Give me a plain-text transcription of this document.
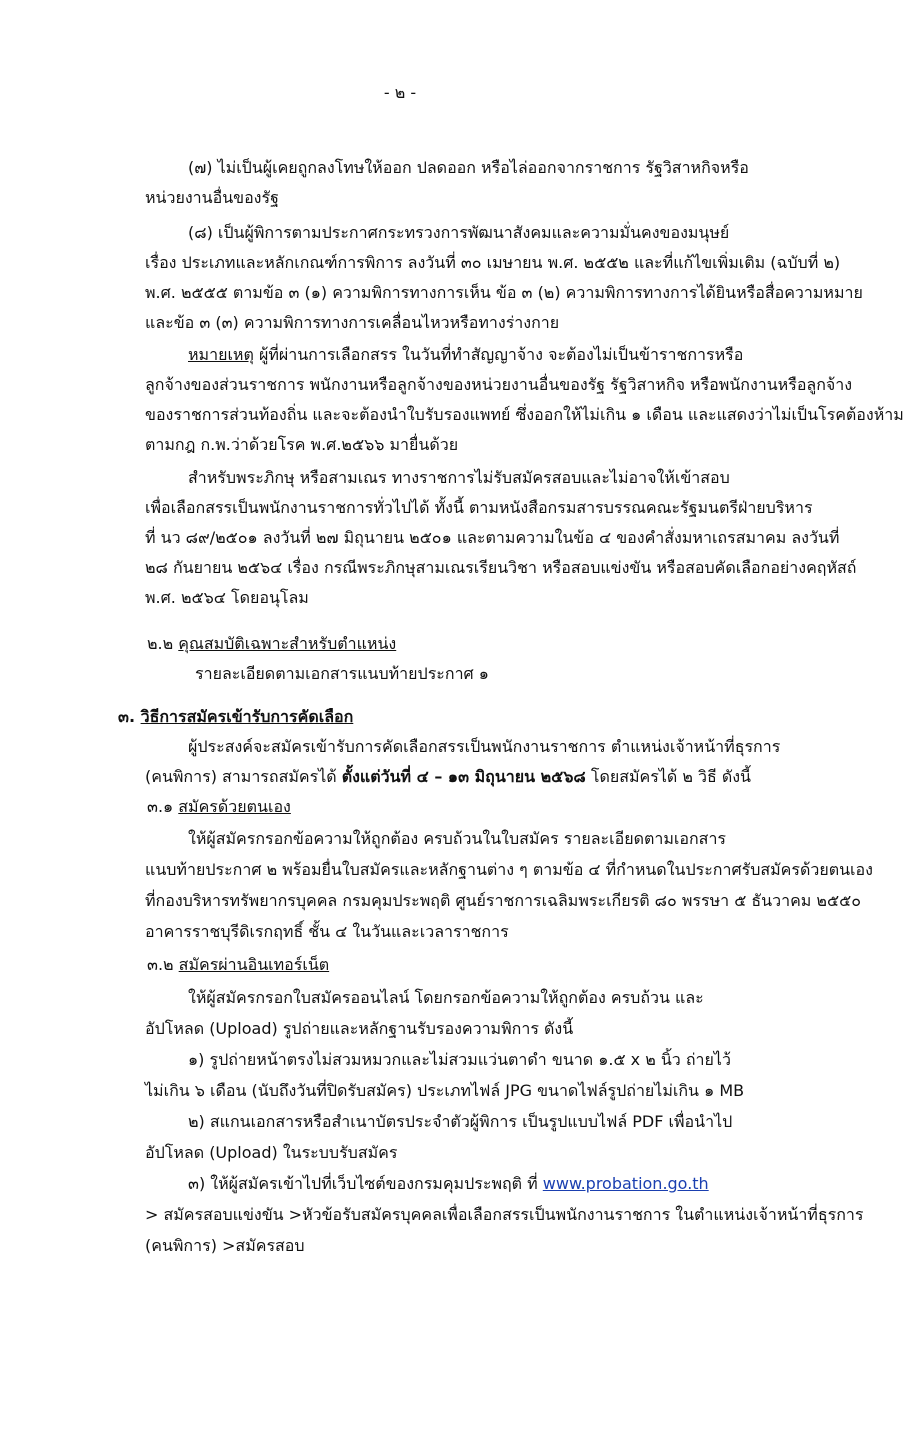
- ๒ -
(๗) ไม่เป็นผู้เคยถูกลงโทษให้ออก ปลดออก หรือไล่ออกจากราชการ รัฐวิสาหกิจหรือ
หน่วยงานอื่นของรัฐ
(๘) เป็นผู้พิการตามประกาศกระทรวงการพัฒนาสังคมและความมั่นคงของมนุษย์
เรื่อง ประเภทและหลักเกณฑ์การพิการ ลงวันที่ ๓๐ เมษายน พ.ศ. ๒๕๕๒ และที่แก้ไขเพิ่มเติม (ฉบับที่ ๒)
พ.ศ. ๒๕๕๕ ตามข้อ ๓ (๑) ความพิการทางการเห็น ข้อ ๓ (๒) ความพิการทางการได้ยินหรือสื่อความหมาย
และข้อ ๓ (๓) ความพิการทางการเคลื่อนไหวหรือทางร่างกาย
หมายเหตุ ผู้ที่ผ่านการเลือกสรร ในวันที่ทำสัญญาจ้าง จะต้องไม่เป็นข้าราชการหรือ
ลูกจ้างของส่วนราชการ พนักงานหรือลูกจ้างของหน่วยงานอื่นของรัฐ รัฐวิสาหกิจ หรือพนักงานหรือลูกจ้าง
ของราชการส่วนท้องถิ่น และจะต้องนำใบรับรองแพทย์ ซึ่งออกให้ไม่เกิน ๑ เดือน และแสดงว่าไม่เป็นโรคต้องห้าม
ตามกฎ ก.พ.ว่าด้วยโรค พ.ศ.๒๕๖๖ มายื่นด้วย
สำหรับพระภิกษุ หรือสามเณร ทางราชการไม่รับสมัครสอบและไม่อาจให้เข้าสอบ
เพื่อเลือกสรรเป็นพนักงานราชการทั่วไปได้ ทั้งนี้ ตามหนังสือกรมสารบรรณคณะรัฐมนตรีฝ่ายบริหาร
ที่ นว ๘๙/๒๕๐๑ ลงวันที่ ๒๗ มิถุนายน ๒๕๐๑ และตามความในข้อ ๔ ของคำสั่งมหาเถรสมาคม ลงวันที่
๒๘ กันยายน ๒๕๖๔ เรื่อง กรณีพระภิกษุสามเณรเรียนวิชา หรือสอบแข่งขัน หรือสอบคัดเลือกอย่างคฤหัสถ์
พ.ศ. ๒๕๖๔ โดยอนุโลม
๒.๒ คุณสมบัติเฉพาะสำหรับตำแหน่ง
รายละเอียดตามเอกสารแนบท้ายประกาศ ๑
๓. วิธีการสมัครเข้ารับการคัดเลือก
ผู้ประสงค์จะสมัครเข้ารับการคัดเลือกสรรเป็นพนักงานราชการ ตำแหน่งเจ้าหน้าที่ธุรการ
(คนพิการ) สามารถสมัครได้ ตั้งแต่วันที่ ๔ – ๑๓ มิถุนายน ๒๕๖๘ โดยสมัครได้ ๒ วิธี ดังนี้
๓.๑ สมัครด้วยตนเอง
ให้ผู้สมัครกรอกข้อความให้ถูกต้อง ครบถ้วนในใบสมัคร รายละเอียดตามเอกสาร
แนบท้ายประกาศ ๒ พร้อมยื่นใบสมัครและหลักฐานต่าง ๆ ตามข้อ ๔ ที่กำหนดในประกาศรับสมัครด้วยตนเอง
ที่กองบริหารทรัพยากรบุคคล กรมคุมประพฤติ ศูนย์ราชการเฉลิมพระเกียรติ ๘๐ พรรษา ๕ ธันวาคม ๒๕๕๐
อาคารราชบุรีดิเรกฤทธิ์ ชั้น ๔ ในวันและเวลาราชการ
๓.๒ สมัครผ่านอินเทอร์เน็ต
ให้ผู้สมัครกรอกใบสมัครออนไลน์ โดยกรอกข้อความให้ถูกต้อง ครบถ้วน และ
อัปโหลด (Upload) รูปถ่ายและหลักฐานรับรองความพิการ ดังนี้
๑) รูปถ่ายหน้าตรงไม่สวมหมวกและไม่สวมแว่นตาดำ ขนาด ๑.๕ x ๒ นิ้ว ถ่ายไว้
ไม่เกิน ๖ เดือน (นับถึงวันที่ปิดรับสมัคร) ประเภทไฟล์ JPG ขนาดไฟล์รูปถ่ายไม่เกิน ๑ MB
๒) สแกนเอกสารหรือสำเนาบัตรประจำตัวผู้พิการ เป็นรูปแบบไฟล์ PDF เพื่อนำไป
อัปโหลด (Upload) ในระบบรับสมัคร
๓) ให้ผู้สมัครเข้าไปที่เว็บไซต์ของกรมคุมประพฤติ ที่ www.probation.go.th
> สมัครสอบแข่งขัน >หัวข้อรับสมัครบุคคลเพื่อเลือกสรรเป็นพนักงานราชการ ในตำแหน่งเจ้าหน้าที่ธุรการ
(คนพิการ) >สมัครสอบ
